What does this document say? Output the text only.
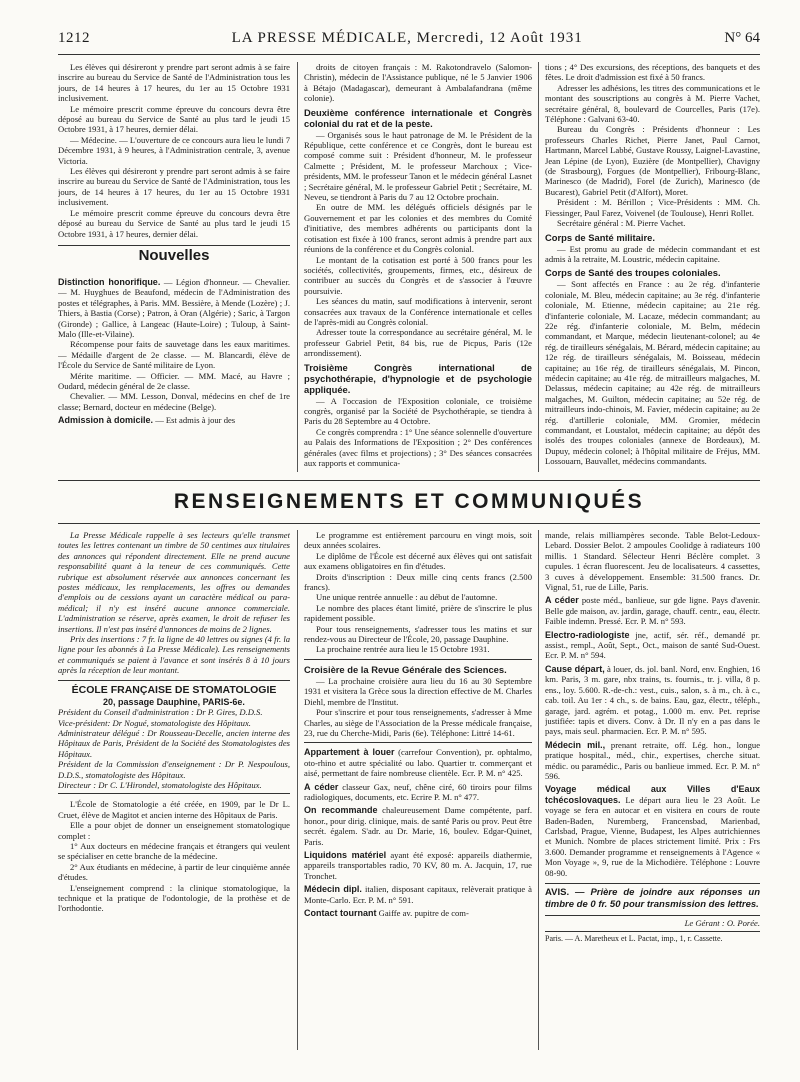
1212	LA PRESSE MÉDICALE, Mercredi, 12 Août 1931	N° 64

Les élèves qui désireront y prendre part seront admis à se faire inscrire au bureau du Service de Santé de l'Administration tous les jours, de 14 heures à 17 heures, du 1er au 15 Octobre 1931 inclusivement.

Le mémoire prescrit comme épreuve du concours devra être déposé au bureau du Service de Santé au plus tard le jeudi 15 Octobre 1931, à 17 heures, dernier délai.

— Médecine. — L'ouverture de ce concours aura lieu le lundi 7 Décembre 1931, à 9 heures, à l'Administration centrale, 3, avenue Victoria.

Les élèves qui désireront y prendre part seront admis à se faire inscrire au bureau du Service de Santé de l'Administration, tous les jours, de 14 heures à 17 heures, du 1er au 15 Octobre 1931 inclusivement.

Le mémoire prescrit comme épreuve du concours devra être déposé au bureau du Service de Santé au plus tard le jeudi 15 Octobre 1931, à 17 heures, dernier délai.

Nouvelles

Distinction honorifique. — Légion d'honneur. — Chevalier. — M. Huyghues de Beaufond, médecin de l'Administration des postes et télégraphes, à Paris. MM. Bessière, à Mende (Lozère) ; J. Thiers, à Bastia (Corse) ; Patron, à Oran (Algérie) ; Saric, à Targon (Gironde) ; Gallice, à Langeac (Haute-Loire) ; Tuloup, à Saint-Malo (Ille-et-Vilaine).

Récompense pour faits de sauvetage dans les eaux maritimes. — Médaille d'argent de 2e classe. — M. Blancardi, élève de l'École du Service de Santé militaire de Lyon.

Mérite maritime. — Officier. — MM. Macé, au Havre ; Oudard, médecin général de 2e classe.

Chevalier. — MM. Lesson, Donval, médecins en chef de 1re classe; Bernard, docteur en médecine (Belge).

Admission à domicile. — Est admis à jour des

droits de citoyen français : M. Rakotondravelo (Salomon-Christin), médecin de l'Assistance publique, né le 5 Janvier 1906 à Bétajo (Madagascar), demeurant à Ambalafandrana (même colonie).

Deuxième conférence internationale et Congrès colonial du rat et de la peste.

— Organisés sous le haut patronage de M. le Président de la République, cette conférence et ce Congrès, dont le bureau est composé comme suit : Président d'honneur, M. le professeur Calmette ; Président, M. le professeur Marchoux ; Vice-présidents, MM. le professeur Tanon et le médecin général Lasnet ; Secrétaire général, M. le professeur Gabriel Petit ; Secrétaire, M. Neveu, se tiendront à Paris du 7 au 12 Octobre prochain.

En outre de MM. les délégués officiels désignés par le Gouvernement et par les colonies et des membres du Comité d'initiative, des membres adhérents ou participants dont la cotisation est fixée à 100 francs, seront admis à prendre part aux réunions de la conférence et du Congrès colonial.

Le montant de la cotisation est porté à 500 francs pour les sociétés, collectivités, groupements, firmes, etc., désireux de contribuer au succès du Congrès et de s'associer à l'œuvre poursuivie.

Les séances du matin, sauf modifications à intervenir, seront consacrées aux travaux de la Conférence internationale et celles de l'après-midi au Congrès colonial.

Adresser toute la correspondance au secrétaire général, M. le professeur Gabriel Petit, 84 bis, rue de Picpus, Paris (12e arrondissement).

Troisième Congrès international de psychothérapie, d'hypnologie et de psychologie appliquée.

— A l'occasion de l'Exposition coloniale, ce troisième congrès, organisé par la Société de Psychothérapie, se tiendra à Paris du 28 Septembre au 4 Octobre.

Ce congrès comprendra : 1° Une séance solennelle d'ouverture au Palais des Informations de l'Exposition ; 2° Des conférences générales (avec films et projections) ; 3° Des séances consacrées aux rapports et communica-

tions ; 4° Des excursions, des réceptions, des banquets et des fêtes. Le droit d'admission est fixé à 50 francs.

Adresser les adhésions, les titres des communications et le montant des souscriptions au congrès à M. Pierre Vachet, secrétaire général, 8, boulevard de Courcelles, Paris (17e). Téléphone : Galvani 63-40.

Bureau du Congrès : Présidents d'honneur : Les professeurs Charles Richet, Pierre Janet, Paul Carnot, Hartmann, Marcel Labbé, Gustave Roussy, Laignel-Lavastine, Jean Lépine (de Lyon), Euzière (de Montpellier), Chavigny (de Strasbourg), Forgues (de Montpellier), Fribourg-Blanc, Marinesco (de Madrid), Forel (de Zurich), Marinesco (de Bucarest), Gabriel Petit (d'Alfort), Moret.

Président : M. Bérillon ; Vice-Présidents : MM. Ch. Fiessinger, Paul Farez, Voivenel (de Toulouse), Henri Rollet.

Secrétaire général : M. Pierre Vachet.

Corps de Santé militaire.

— Est promu au grade de médecin commandant et est admis à la retraite, M. Loustric, médecin capitaine.

Corps de Santé des troupes coloniales.

— Sont affectés en France : au 2e rég. d'infanterie coloniale, M. Bleu, médecin capitaine; au 3e rég. d'infanterie coloniale, M. Etienne, médecin capitaine; au 21e rég. d'infanterie coloniale, M. Lacaze, médecin commandant; au 22e rég. d'infanterie coloniale, M. Belm, médecin commandant, et Marque, médecin lieutenant-colonel; au 4e rég. de tirailleurs sénégalais, M. Bérard, médecin capitaine; au 12e rég. de tirailleurs sénégalais, M. Boisseau, médecin capitaine; au 16e rég. de tirailleurs sénégalais, M. Pincon, médecin capitaine; au 41e rég. de mitrailleurs malgaches, M. Delassus, médecin capitaine; au 42e rég. de mitrailleurs malgaches, M. Guilton, médecin capitaine; au 52e rég. de mitrailleurs indo-chinois, M. Favier, médecin capitaine; au 2e rég. d'artillerie coloniale, MM. Gromier, médecin commandant, et Loustalot, médecin capitaine; au dépôt des isolés des troupes coloniales (annexe de Bordeaux), M. Dupuy, médecin colonel; à l'hôpital militaire de Fréjus, MM. Lossouarn, Bauvallet, médecins commandants.

RENSEIGNEMENTS ET COMMUNIQUÉS

La Presse Médicale rappelle à ses lecteurs qu'elle transmet toutes les lettres contenant un timbre de 50 centimes aux titulaires des annonces qui répondent directement. Elle ne prend aucune responsabilité quant à la teneur de ces communiqués. Cette rubrique est absolument réservée aux annonces concernant les postes médicaux, les remplacements, les offres ou demandes d'emplois ou de cessions ayant un caractère médical ou para-médical; il n'y est inséré aucune annonce commerciale. L'administration se réserve, après examen, le droit de refuser les insertions. Il n'est pas inséré d'annonces de moins de 2 lignes.

Prix des insertions : 7 fr. la ligne de 40 lettres ou signes (4 fr. la ligne pour les abonnés à La Presse Médicale). Les renseignements et communiqués se paient à l'avance et sont insérés 8 à 10 jours après la réception de leur montant.

ÉCOLE FRANÇAISE DE STOMATOLOGIE

20, passage Dauphine, PARIS-6e.

Président du Conseil d'administration : Dr P. Gires, D.D.S.

Vice-président: Dr Nogué, stomatologiste des Hôpitaux.

Administrateur délégué : Dr Rousseau-Decelle, ancien interne des Hôpitaux de Paris, Président de la Société des Stomatologistes des Hôpitaux.

Président de la Commission d'enseignement : Dr P. Nespoulous, D.D.S., stomatologiste des Hôpitaux.

Directeur : Dr C. L'Hirondel, stomatologiste des Hôpitaux.

L'École de Stomatologie a été créée, en 1909, par le Dr L. Cruet, élève de Magitot et ancien interne des Hôpitaux de Paris.

Elle a pour objet de donner un enseignement stomatologique complet :

1° Aux docteurs en médecine français et étrangers qui veulent se spécialiser en cette branche de la médecine.

2° Aux étudiants en médecine, à partir de leur cinquième année d'études.

L'enseignement comprend : la clinique stomatologique, la technique et la pratique de l'odontologie, de la prothèse et de l'orthodontie.

Le programme est entièrement parcouru en vingt mois, soit deux années scolaires.

Le diplôme de l'École est décerné aux élèves qui ont satisfait aux examens obligatoires en fin d'études.

Droits d'inscription : Deux mille cinq cents francs (2.500 francs).

Une unique rentrée annuelle : au début de l'automne.

Le nombre des places étant limité, prière de s'inscrire le plus rapidement possible.

Pour tous renseignements, s'adresser tous les matins et sur rendez-vous au Directeur de l'École, 20, passage Dauphine.

La prochaine rentrée aura lieu le 15 Octobre 1931.

Croisière de la Revue Générale des Sciences.

— La prochaine croisière aura lieu du 16 au 30 Septembre 1931 et visitera la Grèce sous la direction effective de M. Charles Diehl, membre de l'Institut.

Pour s'inscrire et pour tous renseignements, s'adresser à Mme Charles, au siège de l'Association de la Presse médicale française, 23, rue du Cherche-Midi, Paris (6e). Téléphone: Littré 14-61.

Appartement à louer (carrefour Convention), pr. ophtalmo, oto-rhino et autre spécialité ou labo. Quartier tr. commerçant et aisé, permettant de faire nombreuse clientèle. Ecr. P. M. n° 425.

A céder classeur Gax, neuf, chêne ciré, 60 tiroirs pour films radiologiques, documents, etc. Ecrire P. M. n° 477.

On recommande chaleureusement Dame compétente, parf. honor., pour dirig. clinique, mais. de santé Paris ou prov. Peut être secrét. égalem. S'adr. au Dr. Marie, 16, boulev. Edgar-Quinet, Paris.

Liquidons matériel ayant été exposé: appareils diathermie, appareils transportables radio, 70 KV, 80 m. A. Jacquin, 17, rue Tronchet.

Médecin dipl. italien, disposant capitaux, relèverait pratique à Monte-Carlo. Ecr. P. M. n° 591.

Contact tournant Gaiffe av. pupitre de com-

mande, relais milliampères seconde. Table Belot-Ledoux-Lebard. Dossier Belot. 2 ampoules Coolidge à radiateurs 100 millis. 1 Standard. Sélecteur Henri Béclère complet. 3 cupules. 1 écran fluorescent. Jeu de localisateurs. 4 cassettes, 3 cuves à développement. Ensemble: 31.500 francs. Dr. Vignal, 51, rue de Lille, Paris.

A céder poste méd., banlieue, sur gde ligne. Pays d'avenir. Belle gde maison, av. jardin, garage, chauff. centr., eau, électr. Faible indemn. Pressé. Ecr. P. M. n° 593.

Electro-radiologiste jne, actif, sér. réf., demandé pr. assist., rempl., Août, Sept., Oct., maison de santé Sud-Ouest. Ecr. P. M. n° 594.

Cause départ, à louer, ds. jol. banl. Nord, env. Enghien, 16 km. Paris, 3 m. gare, nbx trains, ts. fournis., tr. j. villa, 8 p. ens., loy. 5.600. R.-de-ch.: vest., cuis., salon, s. à m., ch. à c., cab. toil. Au 1er : 4 ch., s. de bains. Eau, gaz, électr., téléph., garage, jard. agrém. et potag., 1.000 m. env. Pet. reprise justifiée: tapis et divers. Conv. à Dr. Il n'y en a pas dans le pays, mais seul. pharmacien. Ecr. P. M. n° 595.

Médecin mil., prenant retraite, off. Lég. hon., longue pratique hospital., méd., chir., expertises, cherche situat. médic. ou paramédic., Paris ou banlieue immed. Ecr. P. M. n° 596.

Voyage médical aux Villes d'Eaux tchécoslovaques. Le départ aura lieu le 23 Août. Le voyage se fera en autocar et en visitera en cours de route Baden-Baden, Nuremberg, Francensbad, Marienbad, Carlsbad, Prague, Vienne, Budapest, les Alpes autrichiennes et Munich. Nombre de places strictement limité. Prix : Frs 3.600. Demander programme et renseignements à l'Agence « Mon Voyage », 9, rue de la Michodière. Téléphone : Louvre 08-90.

AVIS. — Prière de joindre aux réponses un timbre de 0 fr. 50 pour transmission des lettres.

Le Gérant : O. Porée.

Paris. — A. Maretheux et L. Pactat, imp., 1, r. Cassette.
